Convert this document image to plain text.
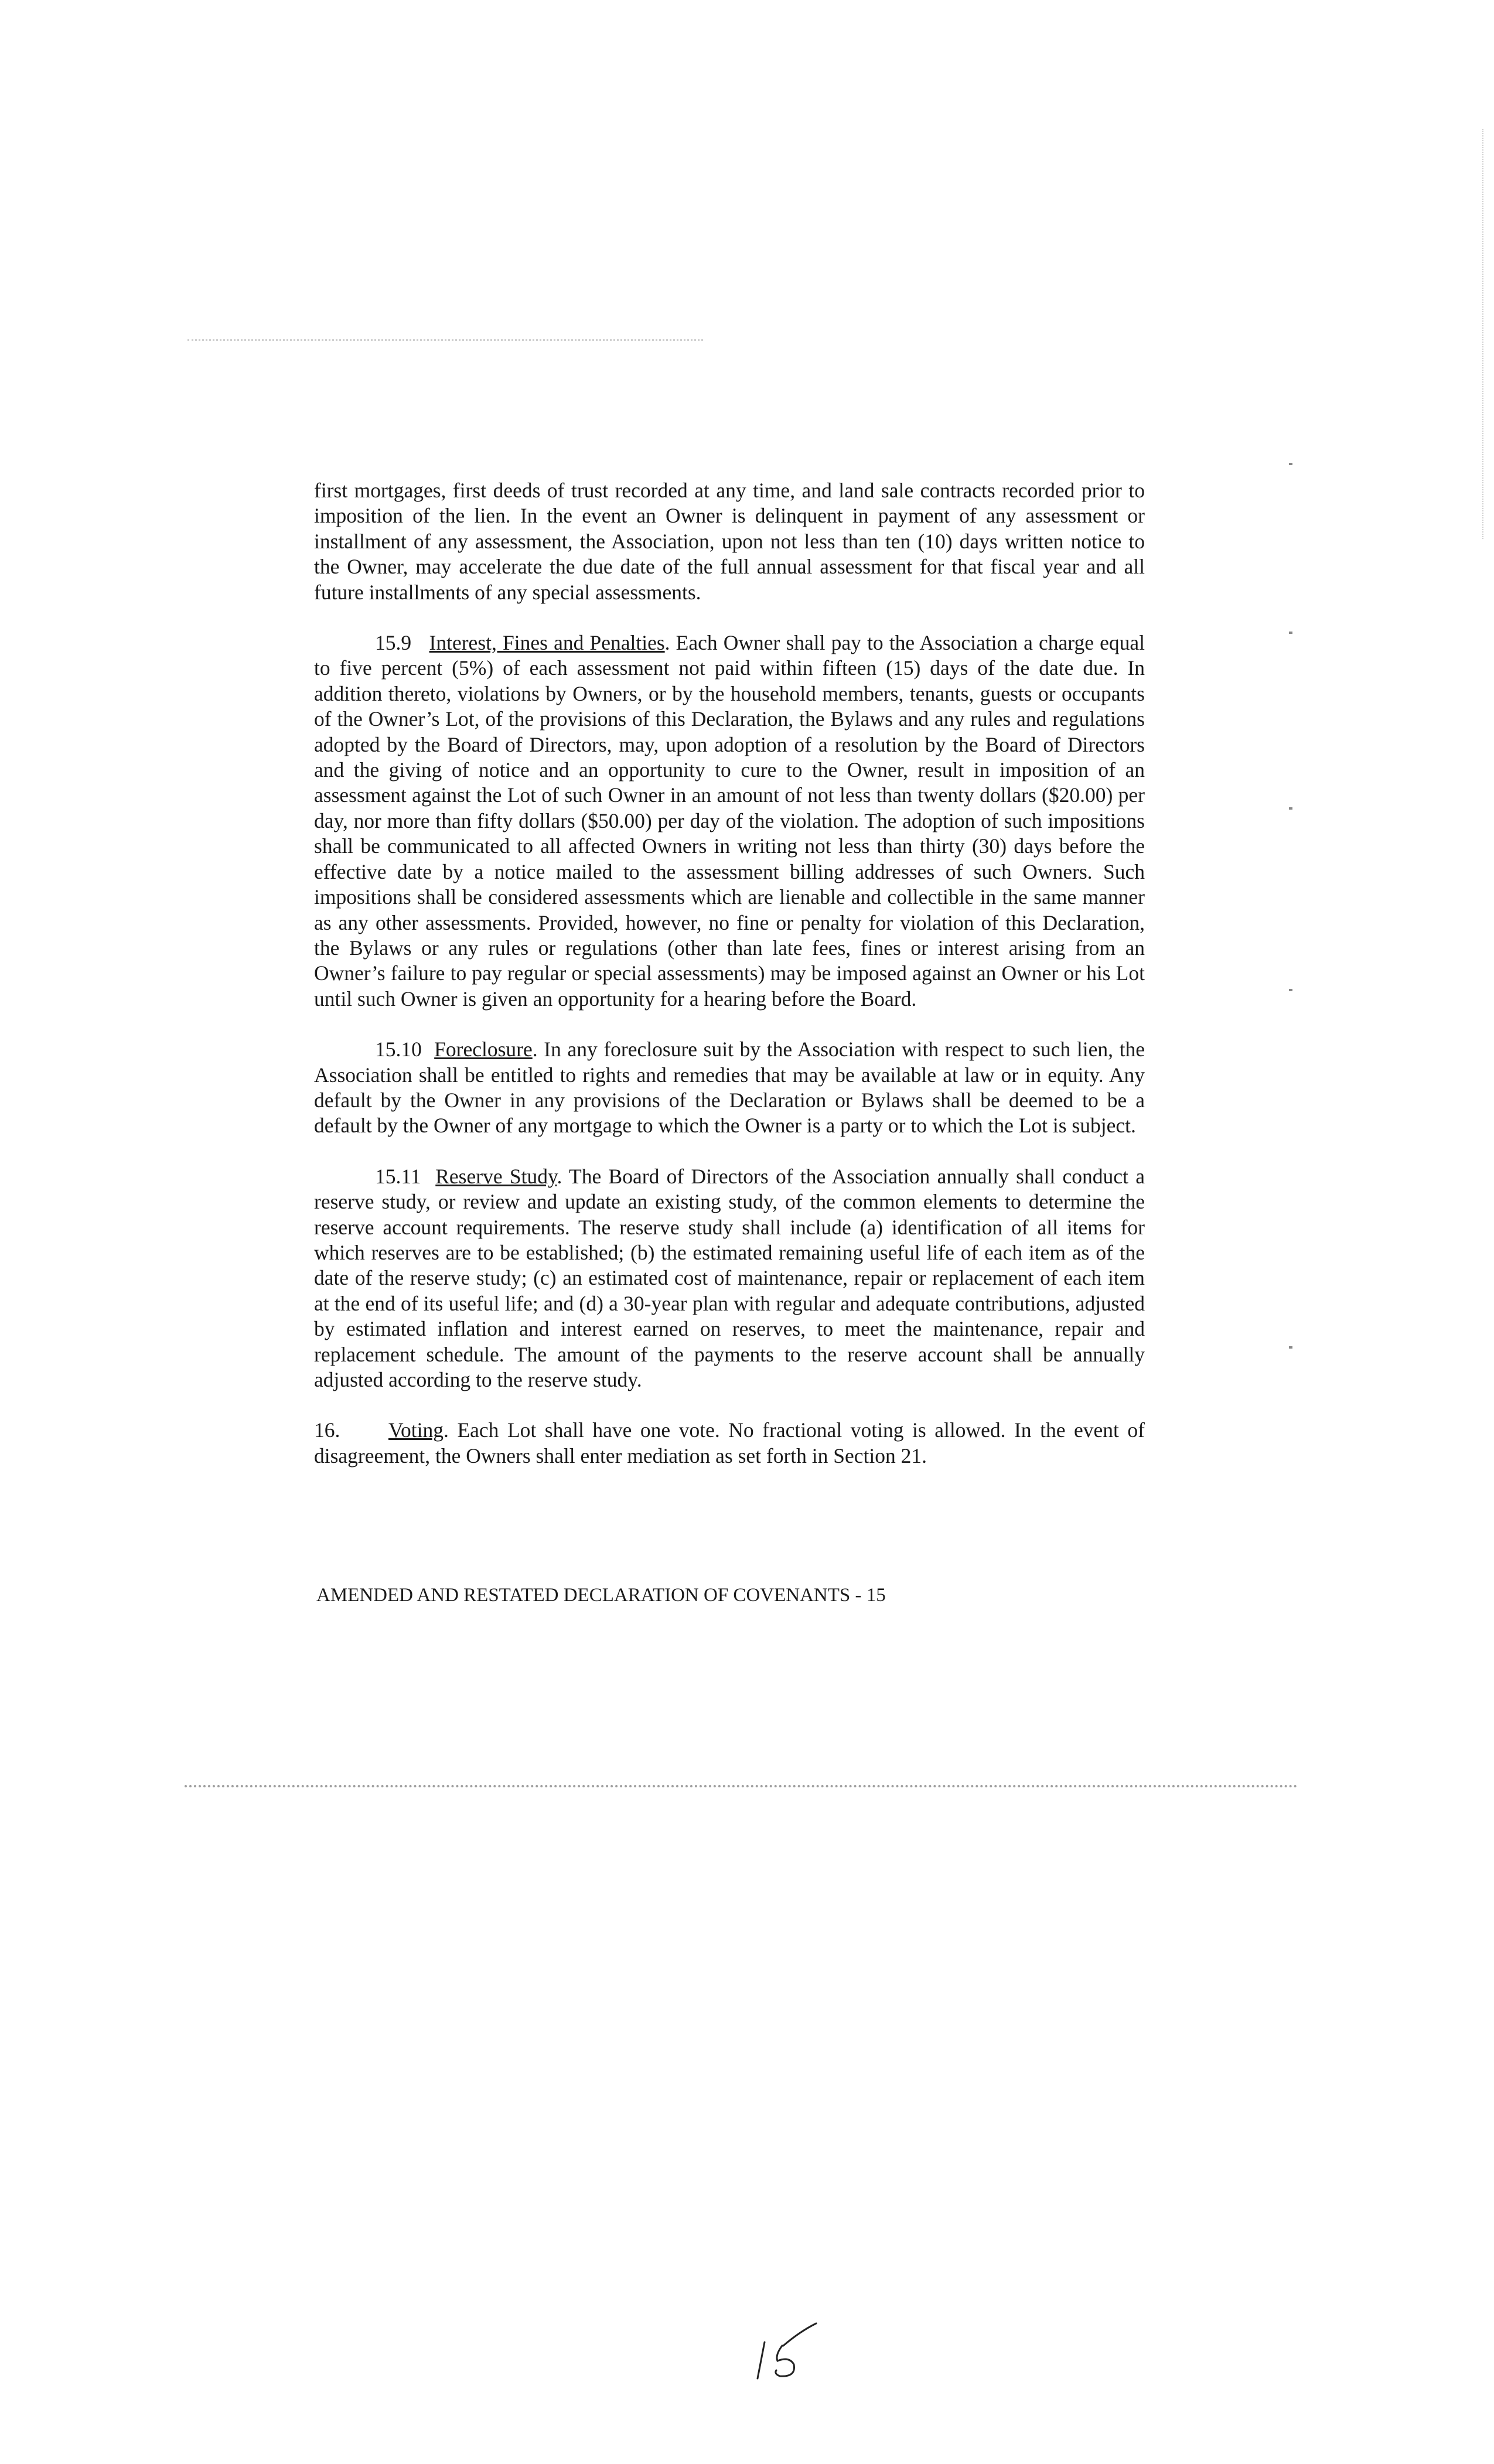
first mortgages, first deeds of trust recorded at any time, and land sale contracts recorded prior to imposition of the lien. In the event an Owner is delinquent in payment of any assessment or installment of any assessment, the Association, upon not less than ten (10) days written notice to the Owner, may accelerate the due date of the full annual assessment for that fiscal year and all future installments of any special assessments.

15.9 Interest, Fines and Penalties. Each Owner shall pay to the Association a charge equal to five percent (5%) of each assessment not paid within fifteen (15) days of the date due. In addition thereto, violations by Owners, or by the household members, tenants, guests or occupants of the Owner’s Lot, of the provisions of this Declaration, the Bylaws and any rules and regulations adopted by the Board of Directors, may, upon adoption of a resolution by the Board of Directors and the giving of notice and an opportunity to cure to the Owner, result in imposition of an assessment against the Lot of such Owner in an amount of not less than twenty dollars ($20.00) per day, nor more than fifty dollars ($50.00) per day of the violation. The adoption of such impositions shall be communicated to all affected Owners in writing not less than thirty (30) days before the effective date by a notice mailed to the assessment billing addresses of such Owners. Such impositions shall be considered assessments which are lienable and collectible in the same manner as any other assessments. Provided, however, no fine or penalty for violation of this Declaration, the Bylaws or any rules or regulations (other than late fees, fines or interest arising from an Owner’s failure to pay regular or special assessments) may be imposed against an Owner or his Lot until such Owner is given an opportunity for a hearing before the Board.

15.10 Foreclosure. In any foreclosure suit by the Association with respect to such lien, the Association shall be entitled to rights and remedies that may be available at law or in equity. Any default by the Owner in any provisions of the Declaration or Bylaws shall be deemed to be a default by the Owner of any mortgage to which the Owner is a party or to which the Lot is subject.

15.11 Reserve Study. The Board of Directors of the Association annually shall conduct a reserve study, or review and update an existing study, of the common elements to determine the reserve account requirements. The reserve study shall include (a) identification of all items for which reserves are to be established; (b) the estimated remaining useful life of each item as of the date of the reserve study; (c) an estimated cost of maintenance, repair or replacement of each item at the end of its useful life; and (d) a 30-year plan with regular and adequate contributions, adjusted by estimated inflation and interest earned on reserves, to meet the maintenance, repair and replacement schedule. The amount of the payments to the reserve account shall be annually adjusted according to the reserve study.

16. Voting. Each Lot shall have one vote. No fractional voting is allowed. In the event of disagreement, the Owners shall enter mediation as set forth in Section 21.

AMENDED AND RESTATED DECLARATION OF COVENANTS - 15
